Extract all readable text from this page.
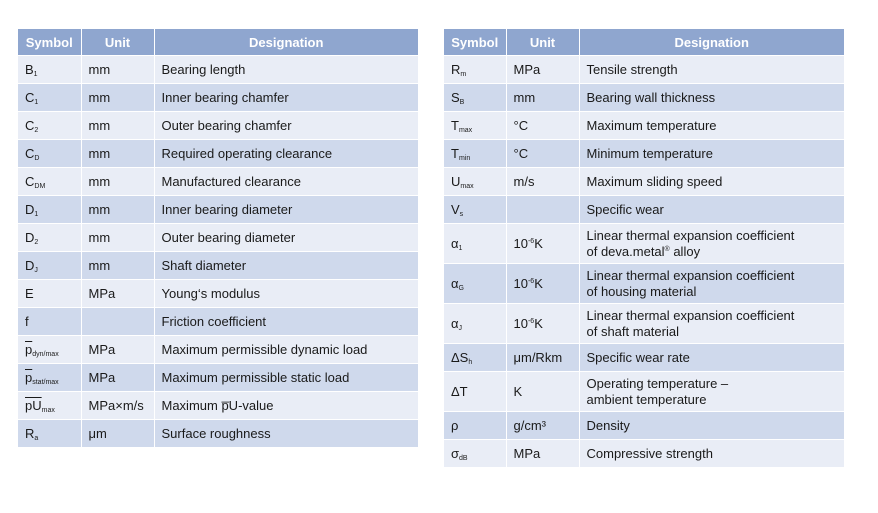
Symbol	Unit	Designation
$B_1$	mm	Bearing length
$C_1$	mm	Inner bearing chamfer
$C_2$	mm	Outer bearing chamfer
$C_D$	mm	Required operating clearance
$C_{DM}$	mm	Manufactured clearance
$D_1$	mm	Inner bearing diameter
$D_2$	mm	Outer bearing diameter
$D_J$	mm	Shaft diameter
E	MPa	Young‘s modulus
f		Friction coefficient
$\overline{p}_{dyn/max}$	MPa	Maximum permissible dynamic load
$\overline{p}_{stat/max}$	MPa	Maximum permissible static load
$\overline{pU}_{max}$	MPa×m/s	Maximum p̅U-value
$R_a$	μm	Surface roughness
Symbol	Unit	Designation
$R_m$	MPa	Tensile strength
$S_B$	mm	Bearing wall thickness
$T_{max}$	°C	Maximum temperature
$T_{min}$	°C	Minimum temperature
$U_{max}$	m/s	Maximum sliding speed
$V_s$		Specific wear
$\alpha_1$	$10^{-6}K$	Linear thermal expansion coefficient
of deva.metal® alloy
$\alpha_G$	$10^{-6}K$	Linear thermal expansion coefficient
of housing material
$\alpha_J$	$10^{-6}K$	Linear thermal expansion coefficient
of shaft material
$\Delta S_h$	μm/Rkm	Specific wear rate
ΔT	K	Operating temperature –
ambient temperature
ρ	g/cm³	Density
$\sigma_{dB}$	MPa	Compressive strength
